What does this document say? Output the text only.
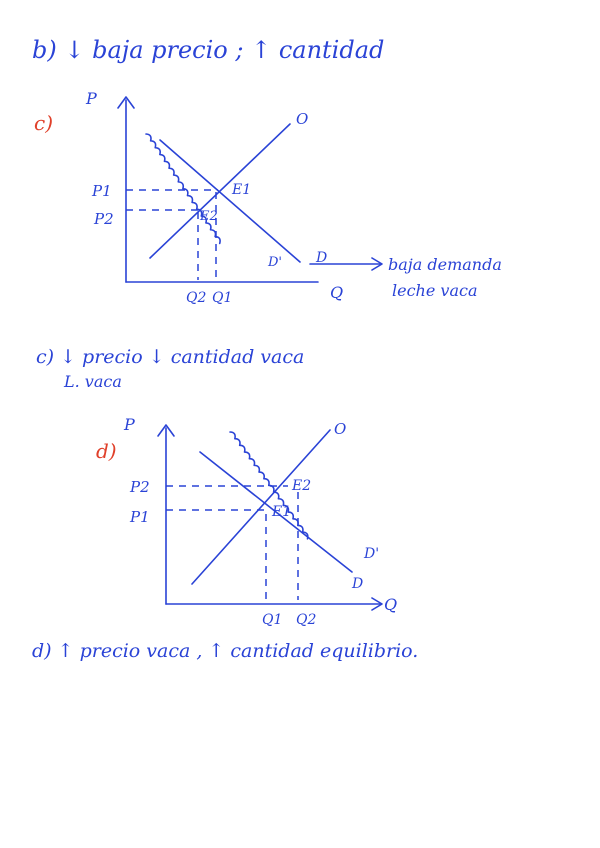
b) ↓ baja precio ; ↑ cantidad
c) ↓ precio ↓ cantidad vaca
L. vaca
d) ↑ precio vaca , ↑ cantidad equilibrio.
c)
P
Q
O
D
D'
E1
E2
P1
P2
Q2 Q1
baja demanda
leche vaca
d)
P
Q
O
D
D'
E2
E1
P2
P1
Q1 Q2
